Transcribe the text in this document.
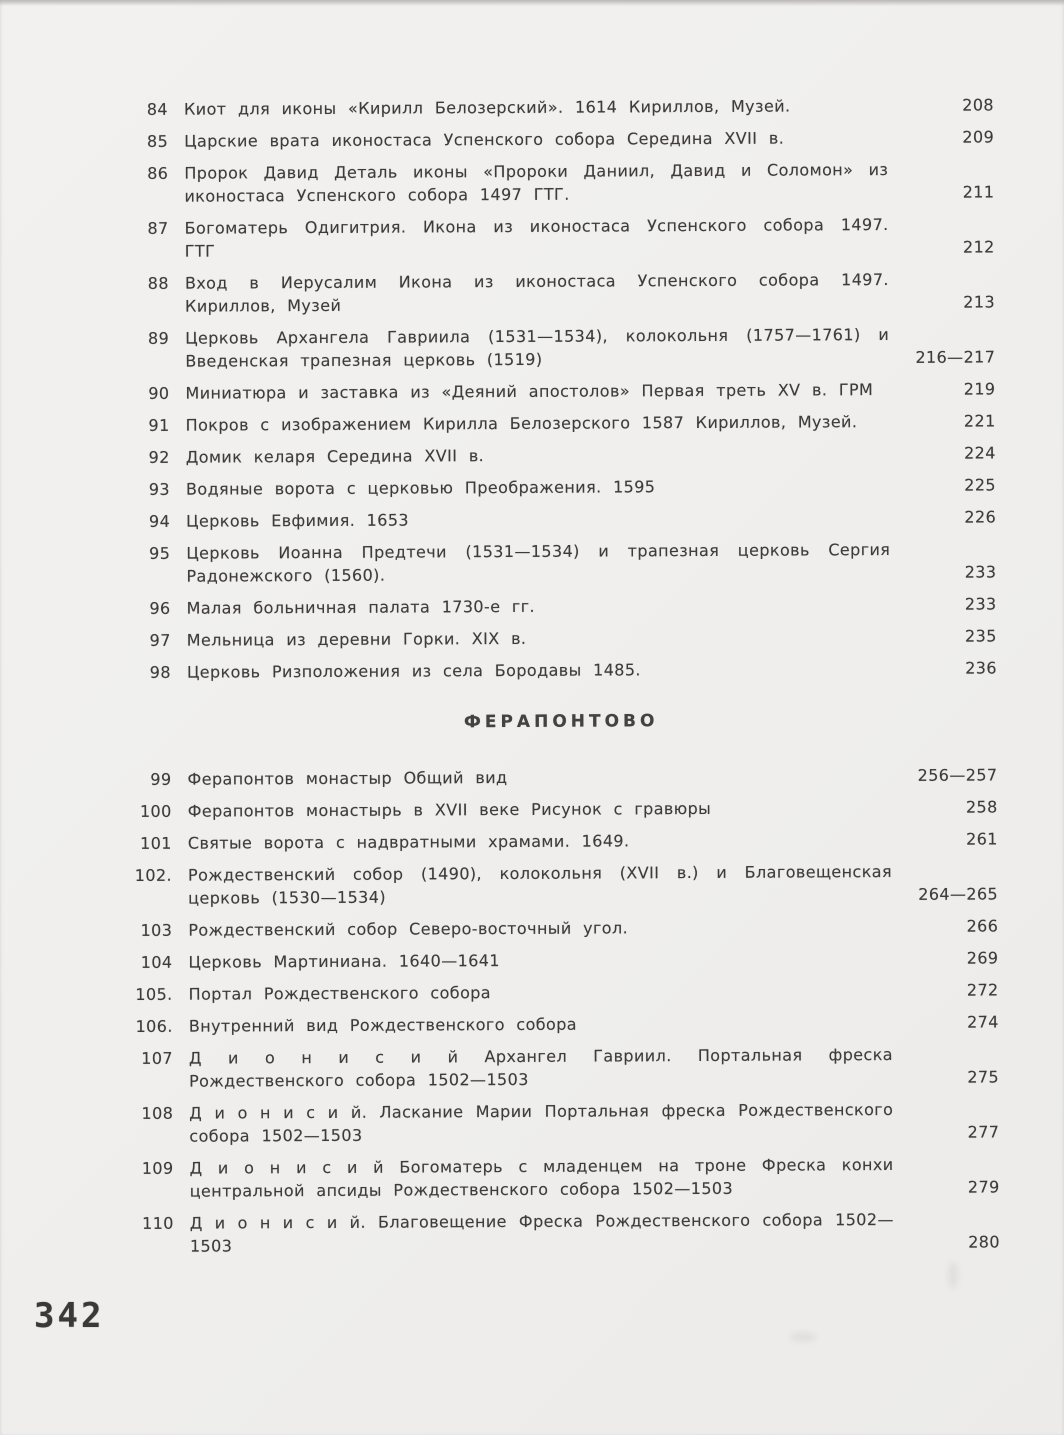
84 Киот для иконы «Кирилл Белозерский». 1614 Кириллов, Музей.	208
85 Царские врата иконостаса Успенского собора Середина XVII в.	209
86 Пророк Давид Деталь иконы «Пророки Даниил, Давид и Соломон» из иконостаса Успенского собора 1497 ГТГ.	211
87 Богоматерь Одигитрия. Икона из иконостаса Успенского собора 1497. ГТГ	212
88 Вход в Иерусалим Икона из иконостаса Успенского собора 1497. Кириллов, Музей	213
89 Церковь Архангела Гавриила (1531—1534), колокольня (1757—1761) и Введенская трапезная церковь (1519)	216—217
90 Миниатюра и заставка из «Деяний апостолов» Первая треть XV в. ГРМ	219
91 Покров с изображением Кирилла Белозерского 1587 Кириллов, Музей.	221
92 Домик келаря Середина XVII в.	224
93 Водяные ворота с церковью Преображения. 1595	225
94 Церковь Евфимия. 1653	226
95 Церковь Иоанна Предтечи (1531—1534) и трапезная церковь Сергия Радонежского (1560).	233
96 Малая больничная палата 1730-е гг.	233
97 Мельница из деревни Горки. XIX в.	235
98 Церковь Ризположения из села Бородавы 1485.	236
ФЕРАПОНТОВО
99 Ферапонтов монастыр Общий вид	256—257
100 Ферапонтов монастырь в XVII веке Рисунок с гравюры	258
101 Святые ворота с надвратными храмами. 1649.	261
102. Рождественский собор (1490), колокольня (XVII в.) и Благовещенская церковь (1530—1534)	264—265
103 Рождественский собор Северо-восточный угол.	266
104 Церковь Мартиниана. 1640—1641	269
105. Портал Рождественского собора	272
106. Внутренний вид Рождественского собора	274
107 Д и о н и с и й Архангел Гавриил. Портальная фреска Рождественского собора 1502—1503	275
108 Д и о н и с и й. Ласкание Марии Портальная фреска Рождественского собора 1502—1503	277
109 Д и о н и с и й Богоматерь с младенцем на троне Фреска конхи центральной апсиды Рождественского собора 1502—1503	279
110 Д и о н и с и й. Благовещение Фреска Рождественского собора 1502—1503	280
342
